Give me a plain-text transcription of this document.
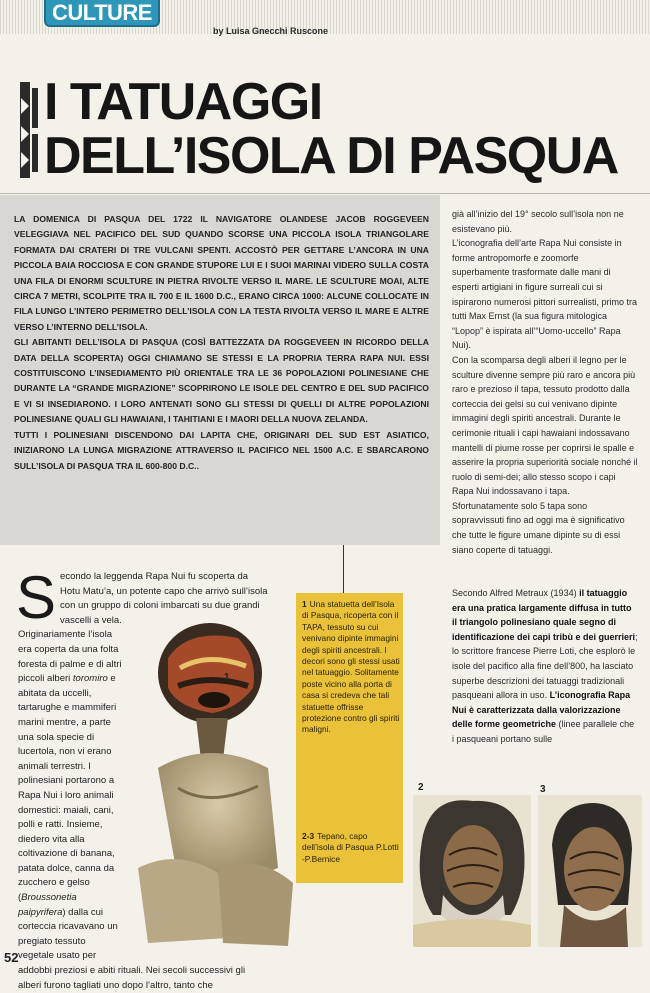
CULTURE
by Luisa Gnecchi Ruscone
I TATUAGGI
DELL’ISOLA DI PASQUA

LA DOMENICA DI PASQUA DEL 1722 IL NAVIGATORE OLANDESE JACOB ROGGEVEEN VELEGGIAVA NEL PACIFICO DEL SUD QUANDO SCORSE UNA PICCOLA ISOLA TRIANGOLARE FORMATA DAI CRATERI DI TRE VULCANI SPENTI. ACCOSTÒ PER GETTARE L’ANCORA IN UNA PICCOLA BAIA ROCCIOSA E CON GRANDE STUPORE LUI E I SUOI MARINAI VIDERO SULLA COSTA UNA FILA DI ENORMI SCULTURE IN PIETRA RIVOLTE VERSO IL MARE. LE SCULTURE MOAI, ALTE CIRCA 7 METRI, SCOLPITE TRA IL 700 E IL 1600 D.C., ERANO CIRCA 1000: ALCUNE COLLOCATE IN FILA LUNGO L’INTERO PERIMETRO DELL’ISOLA CON LA TESTA RIVOLTA VERSO IL MARE E ALTRE VERSO L’INTERNO DELL’ISOLA.

GLI ABITANTI DELL’ISOLA DI PASQUA (COSÌ BATTEZZATA DA ROGGEVEEN IN RICORDO DELLA DATA DELLA SCOPERTA) OGGI CHIAMANO SE STESSI E LA PROPRIA TERRA RAPA NUI. ESSI COSTITUISCONO L’INSEDIAMENTO PIÙ ORIENTALE TRA LE 36 POPOLAZIONI POLINESIANE CHE DURANTE LA “GRANDE MIGRAZIONE” SCOPRIRONO LE ISOLE DEL CENTRO E DEL SUD PACIFICO E VI SI INSEDIARONO. I LORO ANTENATI SONO GLI STESSI DI QUELLI DI ALTRE POPOLAZIONI POLINESIANE QUALI GLI HAWAIANI, I TAHITIANI E I MAORI DELLA NUOVA ZELANDA.

TUTTI I POLINESIANI DISCENDONO DAI LAPITA CHE, ORIGINARI DEL SUD EST ASIATICO, INIZIARONO LA LUNGA MIGRAZIONE ATTRAVERSO IL PACIFICO NEL 1500 A.C. E SBARCARONO SULL’ISOLA DI PASQUA TRA IL 600-800 D.C..

già all’inizio del 19° secolo sull’isola non ne esistevano più.

L’iconografia dell’arte Rapa Nui consiste in forme antropomorfe e zoomorfe superbamente trasformate dalle mani di esperti artigiani in figure surreali cui si ispirarono numerosi pittori surrealisti, primo tra tutti Max Ernst (la sua figura mitologica “Lopop” è ispirata all’“Uomo-uccello” Rapa Nui).

Con la scomparsa degli alberi il legno per le sculture divenne sempre più raro e ancora più raro e prezioso il tapa, tessuto prodotto dalla corteccia dei gelsi su cui venivano dipinte immagini degli spiriti ancestrali. Durante le cerimonie rituali i capi hawaiani indossavano mantelli di piume rosse per coprirsi le spalle e asserire la propria superiorità sociale nonché il ruolo di semi-dei; allo stesso scopo i capi Rapa Nui indossavano i tapa. Sfortunatamente solo 5 tapa sono sopravvissuti fino ad oggi ma è significativo che tutte le figure umane dipinte su di essi siano coperte di tatuaggi.

Secondo Alfred Metraux (1934) il tatuaggio era una pratica largamente diffusa in tutto il triangolo polinesiano quale segno di identificazione dei capi tribù e dei guerrieri; lo scrittore francese Pierre Loti, che esplorò le isole del pacifico alla fine dell’800, ha lasciato superbe descrizioni dei tatuaggi tradizionali pasqueani allora in uso. L’iconografia Rapa Nui è caratterizzata dalla valorizzazione delle forme geometriche (linee parallele che i pasqueani portano sulle

1 Una statuetta dell’Isola di Pasqua, ricoperta con il TAPA, tessuto su cui venivano dipinte immagini degli spiriti ancestrali. I decori sono gli stessi usati nel tatuaggio. Solitamente poste vicino alla porta di casa si credeva che tali statuette offrisse protezione contro gli spiriti maligni.
2-3 Tepano, capo dell’isola di Pasqua P.Lotti -P.Bernice
S econdo la leggenda Rapa Nui fu scoperta da Hotu Matu’a, un potente capo che arrivò sull’isola con un gruppo di coloni imbarcati su due grandi vascelli a vela.

Originariamente l’isola era coperta da una folta foresta di palme e di altri piccoli alberi toromiro e abitata da uccelli, tartarughe e mammiferi marini mentre, a parte una sola specie di lucertola, non vi erano animali terrestri. I polinesiani portarono a Rapa Nui i loro animali domestici: maiali, cani, polli e ratti. Insieme, diedero vita alla coltivazione di banana, patata dolce, canna da zucchero e gelso (Broussonetia paipyrifera) dalla cui corteccia ricavavano un pregiato tessuto vegetale usato per addobbi preziosi e abiti rituali. Nei secoli successivi gli alberi furono tagliati uno dopo l’altro, tanto che

1
2	3
52
